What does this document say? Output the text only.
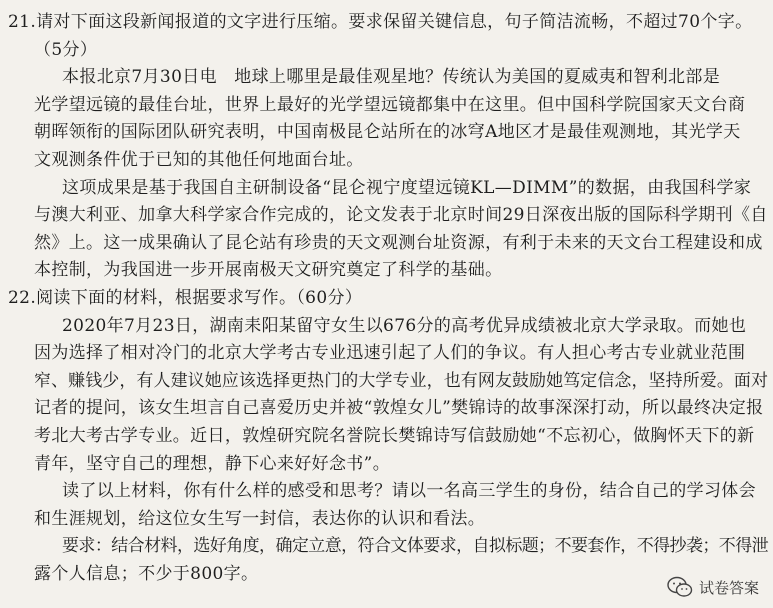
21.请对下面这段新闻报道的文字进行压缩。要求保留关键信息，句子简洁流畅，不超过70个字。
（5分）
本报北京7月30日电　地球上哪里是最佳观星地？传统认为美国的夏威夷和智利北部是
光学望远镜的最佳台址，世界上最好的光学望远镜都集中在这里。但中国科学院国家天文台商
朝晖领衔的国际团队研究表明，中国南极昆仑站所在的冰穹A地区才是最佳观测地，其光学天
文观测条件优于已知的其他任何地面台址。
这项成果是基于我国自主研制设备“昆仑视宁度望远镜KL—DIMM”的数据，由我国科学家
与澳大利亚、加拿大科学家合作完成的，论文发表于北京时间29日深夜出版的国际科学期刊《自
然》上。这一成果确认了昆仑站有珍贵的天文观测台址资源，有利于未来的天文台工程建设和成
本控制，为我国进一步开展南极天文研究奠定了科学的基础。
22.阅读下面的材料，根据要求写作。（60分）
2020年7月23日，湖南耒阳某留守女生以676分的高考优异成绩被北京大学录取。而她也
因为选择了相对冷门的北京大学考古专业迅速引起了人们的争议。有人担心考古专业就业范围
窄、赚钱少，有人建议她应该选择更热门的大学专业，也有网友鼓励她笃定信念，坚持所爱。面对
记者的提问，该女生坦言自己喜爱历史并被“敦煌女儿”樊锦诗的故事深深打动，所以最终决定报
考北大考古学专业。近日，敦煌研究院名誉院长樊锦诗写信鼓励她“不忘初心，做胸怀天下的新
青年，坚守自己的理想，静下心来好好念书”。
读了以上材料，你有什么样的感受和思考？请以一名高三学生的身份，结合自己的学习体会
和生涯规划，给这位女生写一封信，表达你的认识和看法。
要求：结合材料，选好角度，确定立意，符合文体要求，自拟标题；不要套作，不得抄袭；不得泄
露个人信息；不少于800字。
试卷答案
